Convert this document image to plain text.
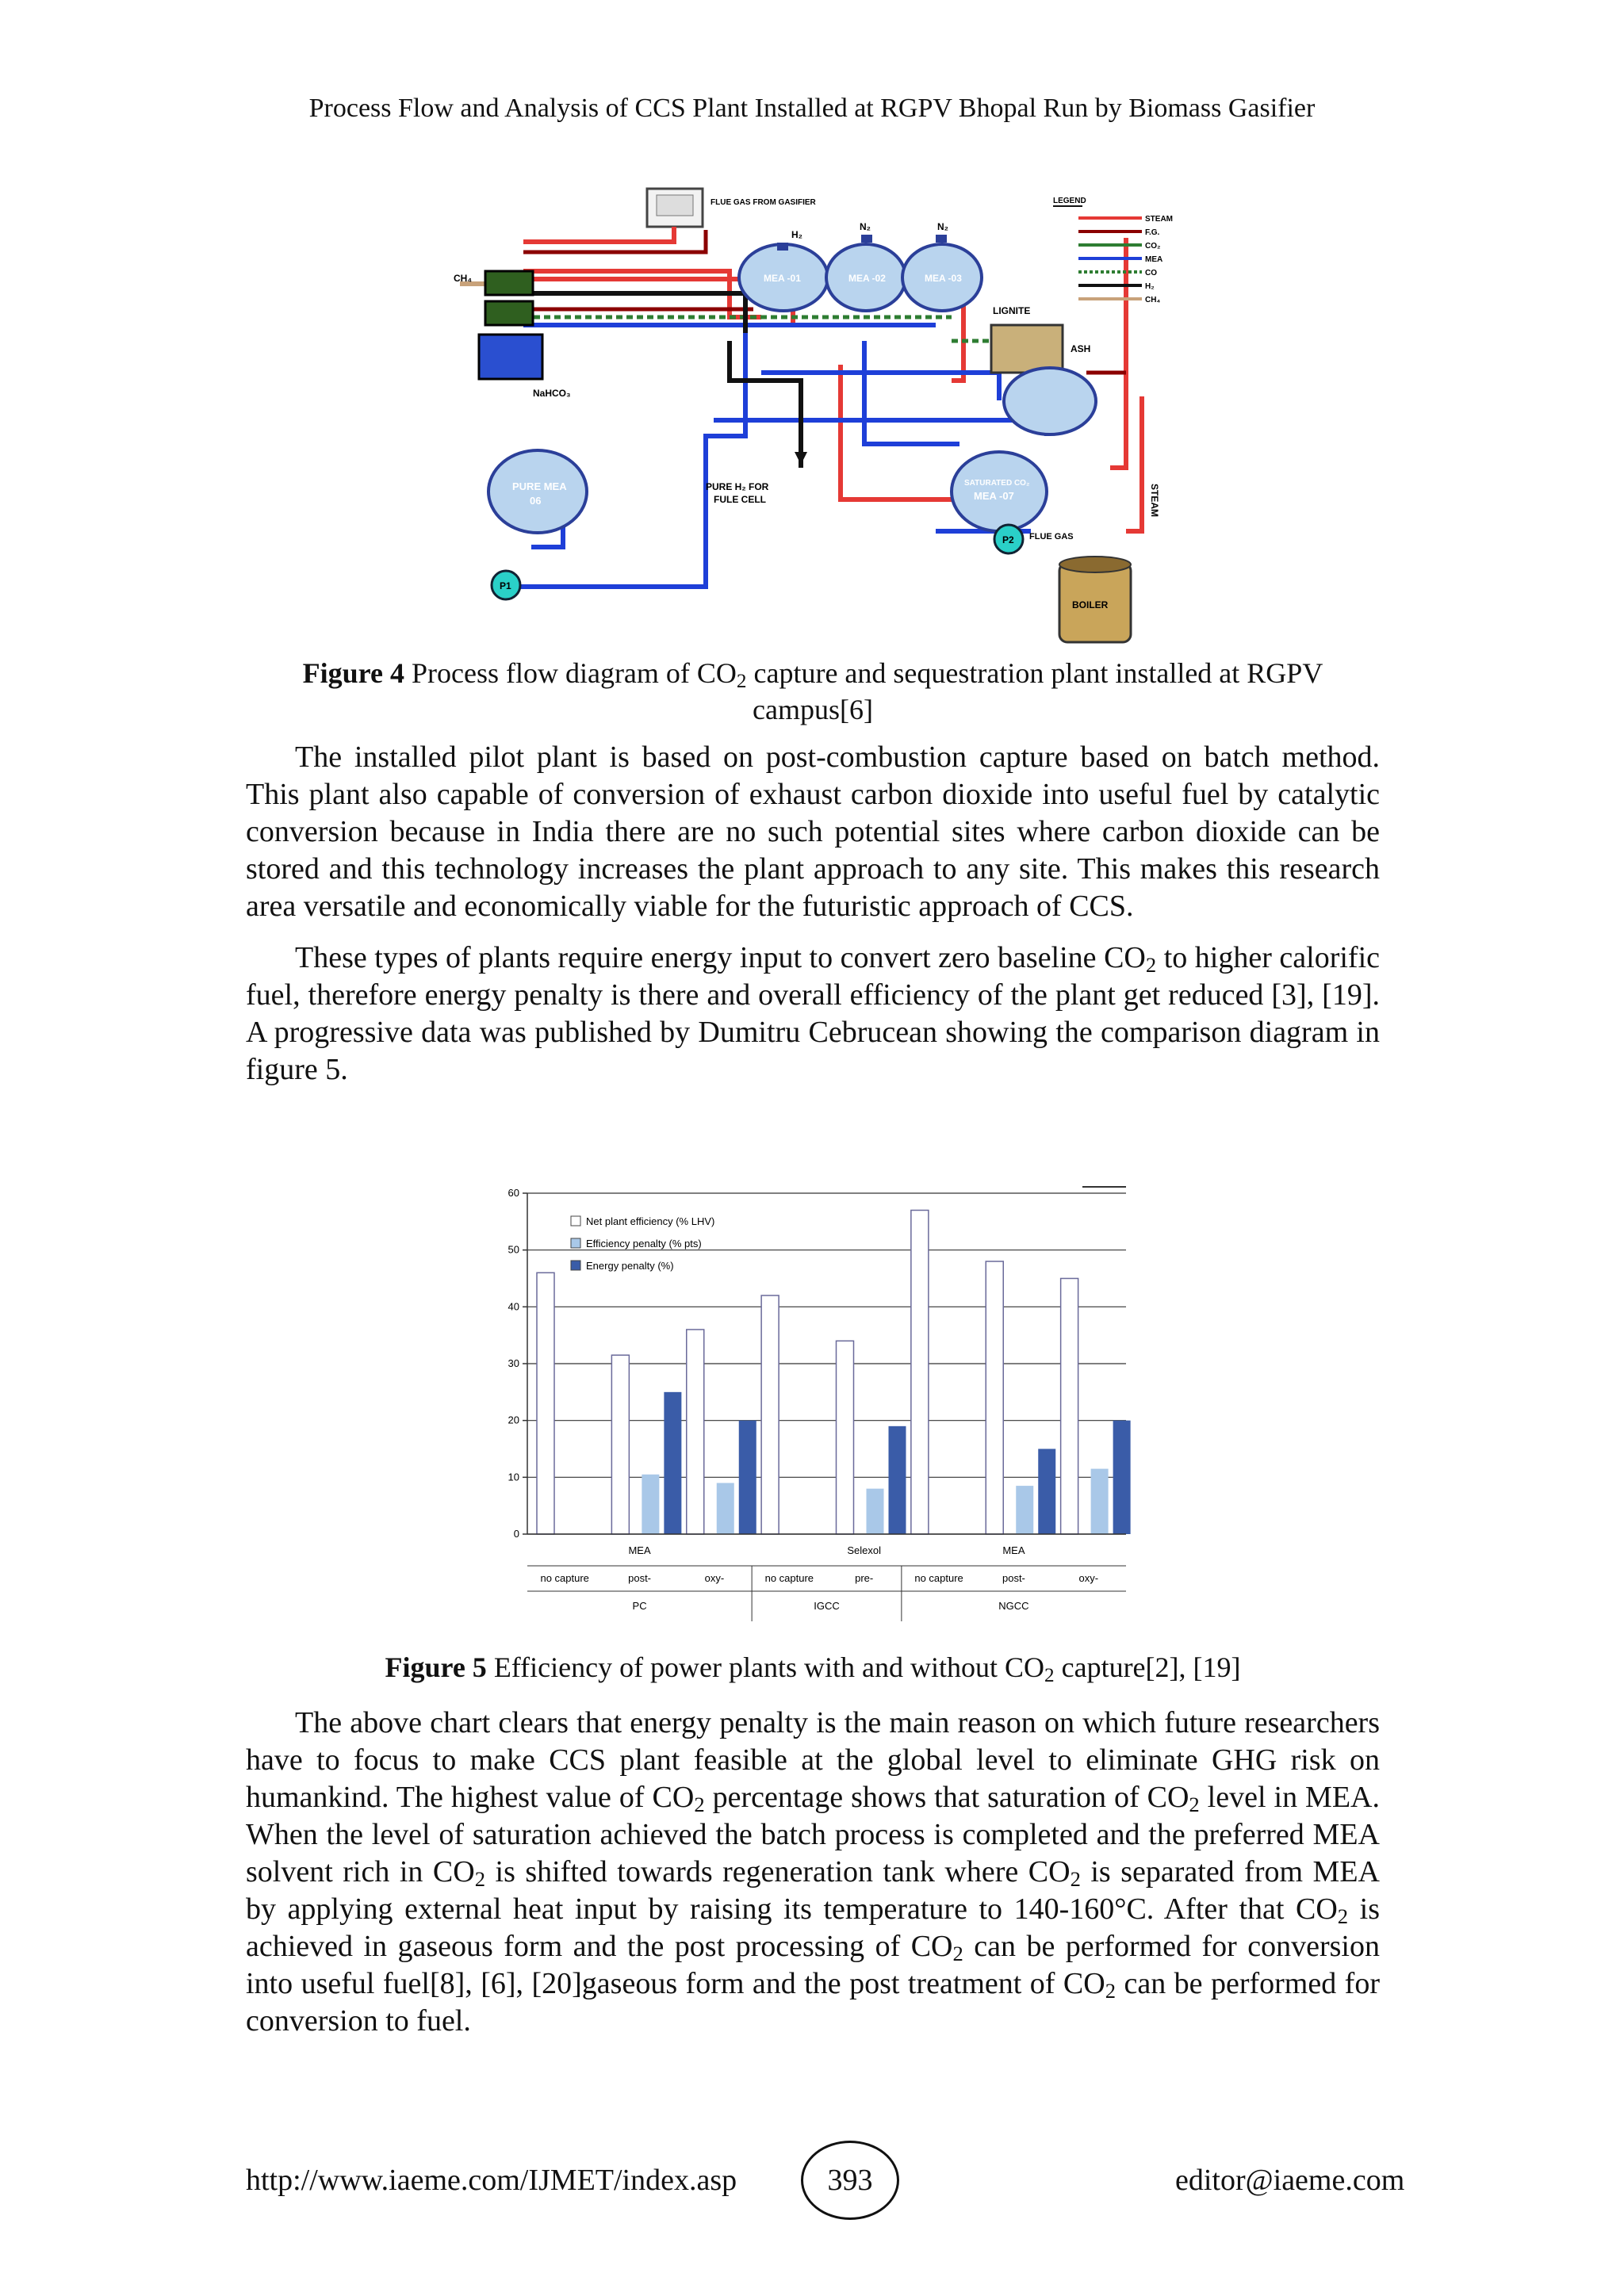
Process Flow and Analysis of CCS Plant Installed at RGPV Bhopal Run by Biomass Gasifier
FLUE GAS FROM GASIFIER
MEA -01	MEA -02	MEA -03
H₂
N₂	N₂
CH₄
NaHCO₃
LIGNITE
ASH
PURE MEA
06
SATURATED CO₂
MEA -07
PURE H₂ FOR
FULE CELL
P1
P2 FLUE GAS
BOILER
STEAM
LEGEND
STEAM
F.G.
CO₂
MEA
CO
H₂
CH₄
Figure 4 Process flow diagram of $CO_2$ capture and sequestration plant installed at RGPV campus[6]

The installed pilot plant is based on post-combustion capture based on batch method. This plant also capable of conversion of exhaust carbon dioxide into useful fuel by catalytic conversion because in India there are no such potential sites where carbon dioxide can be stored and this technology increases the plant approach to any site. This makes this research area versatile and economically viable for the futuristic approach of CCS.

These types of plants require energy input to convert zero baseline $CO_2$ to higher calorific fuel, therefore energy penalty is there and overall efficiency of the plant get reduced [3], [19]. A progressive data was published by Dumitru Cebrucean showing the comparison diagram in figure 5.

0
10
20
30
40
50
60
no capture	post-
MEA
oxy-	no capture	pre-
Selexol
no capture	post-
MEA
oxy-
PC	IGCC	NGCC
Net plant efficiency (% LHV)
Efficiency penalty (% pts)
Energy penalty (%)
Figure 5 Efficiency of power plants with and without $CO_2$ capture[2], [19]

The above chart clears that energy penalty is the main reason on which future researchers have to focus to make CCS plant feasible at the global level to eliminate GHG risk on humankind. The highest value of $CO_2$ percentage shows that saturation of $CO_2$ level in MEA. When the level of saturation achieved the batch process is completed and the preferred MEA solvent rich in $CO_2$ is shifted towards regeneration tank where $CO_2$ is separated from MEA by applying external heat input by raising its temperature to 140-160°C. After that $CO_2$ is achieved in gaseous form and the post processing of $CO_2$ can be performed for conversion into useful fuel[8], [6], [20]gaseous form and the post treatment of $CO_2$ can be performed for conversion to fuel.

http://www.iaeme.com/IJMET/index.asp	393	editor@iaeme.com
